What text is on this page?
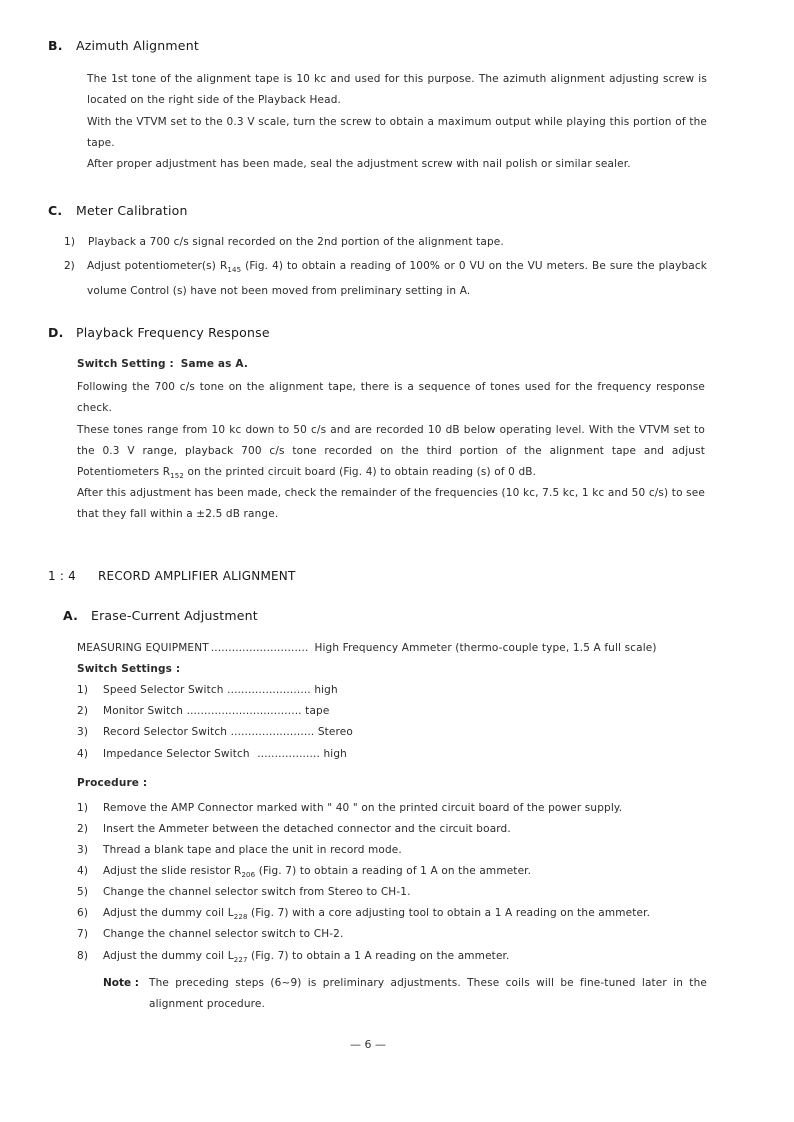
B. Azimuth Alignment
The 1st tone of the alignment tape is 10 kc and used for this purpose. The azimuth alignment adjusting screw is located on the right side of the Playback Head.
With the VTVM set to the 0.3 V scale, turn the screw to obtain a maximum output while playing this portion of the tape.
After proper adjustment has been made, seal the adjustment screw with nail polish or similar sealer.
C. Meter Calibration
1) Playback a 700 c/s signal recorded on the 2nd portion of the alignment tape.
2)	Adjust potentiometer(s) $R_{145}$ (Fig. 4) to obtain a reading of 100% or 0 VU on the VU meters. Be sure the playback volume Control (s) have not been moved from preliminary setting in A.
D. Playback Frequency Response
Switch Setting : Same as A.
Following the 700 c/s tone on the alignment tape, there is a sequence of tones used for the frequency response check.
These tones range from 10 kc down to 50 c/s and are recorded 10 dB below operating level. With the VTVM set to the 0.3 V range, playback 700 c/s tone recorded on the third portion of the alignment tape and adjust Potentiometers $R_{152}$ on the printed circuit board (Fig. 4) to obtain reading (s) of 0 dB.
After this adjustment has been made, check the remainder of the frequencies (10 kc, 7.5 kc, 1 kc and 50 c/s) to see that they fall within a ±2.5 dB range.
1 : 4 RECORD AMPLIFIER ALIGNMENT
A. Erase-Current Adjustment
MEASURING EQUIPMENT ............................ High Frequency Ammeter (thermo-couple type, 1.5 A full scale)
Switch Settings :
1) Speed Selector Switch ........................ high
2) Monitor Switch ................................. tape
3) Record Selector Switch ........................ Stereo
4) Impedance Selector Switch .................. high
Procedure :
1) Remove the AMP Connector marked with " 40 " on the printed circuit board of the power supply.
2) Insert the Ammeter between the detached connector and the circuit board.
3) Thread a blank tape and place the unit in record mode.
4) Adjust the slide resistor $R_{206}$ (Fig. 7) to obtain a reading of 1 A on the ammeter.
5) Change the channel selector switch from Stereo to CH-1.
6) Adjust the dummy coil $L_{228}$ (Fig. 7) with a core adjusting tool to obtain a 1 A reading on the ammeter.
7) Change the channel selector switch to CH-2.
8) Adjust the dummy coil $L_{227}$ (Fig. 7) to obtain a 1 A reading on the ammeter.
Note : The preceding steps (6~9) is preliminary adjustments. These coils will be fine-tuned later in the alignment procedure.
— 6 —
